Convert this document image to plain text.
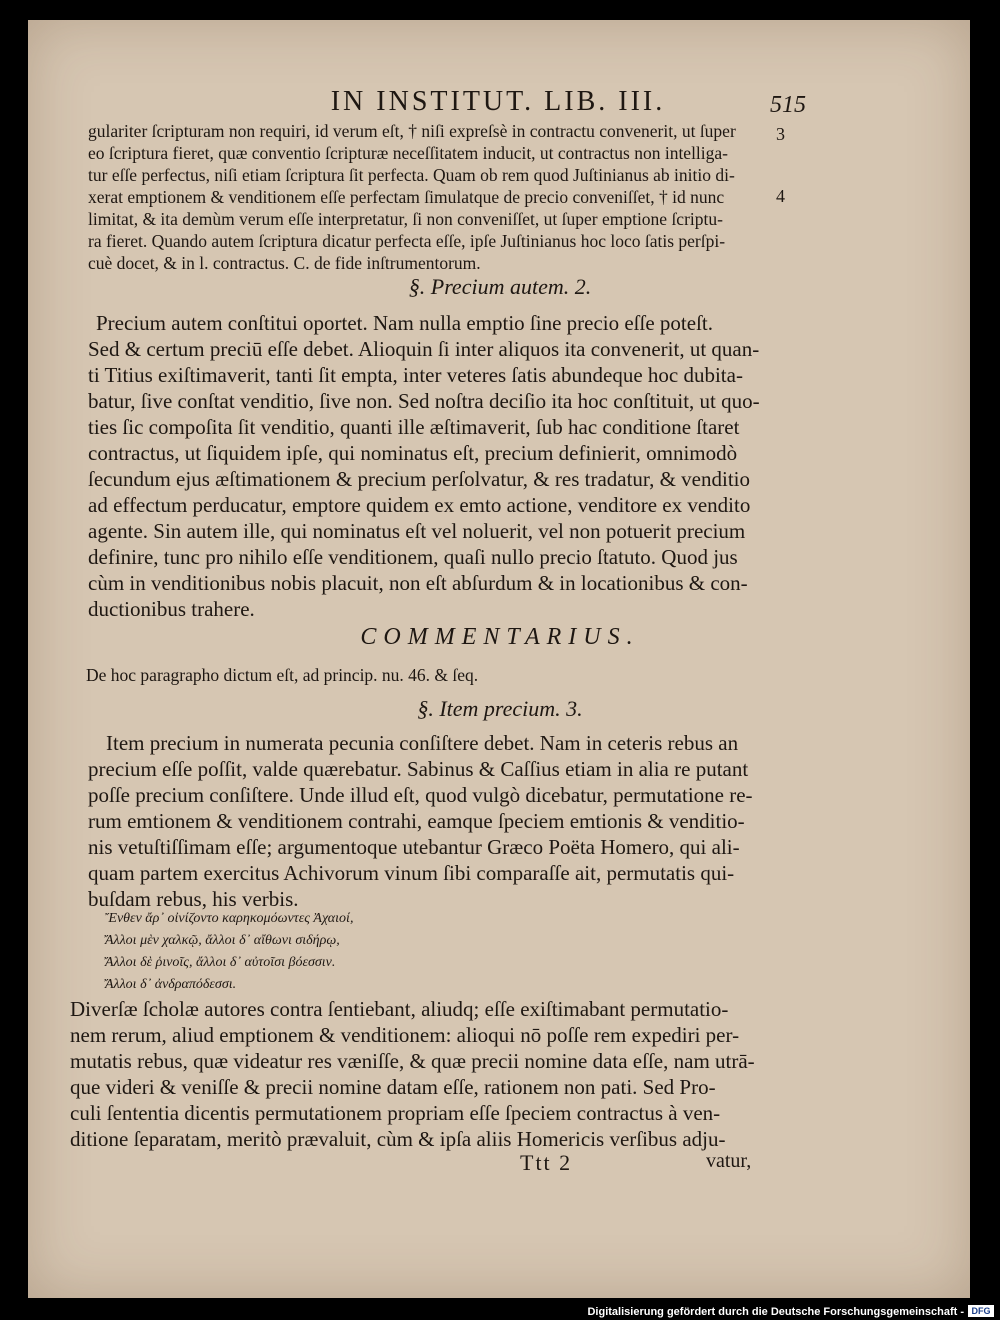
IN INSTITUT. LIB. III.	515
3
4
gulariter ſcripturam non requiri, id verum eſt, † niſi expreſsè in contractu convenerit, ut ſuper
eo ſcriptura fieret, quæ conventio ſcripturæ neceſſitatem inducit, ut contractus non intelliga-
tur eſſe perfectus, niſi etiam ſcriptura ſit perfecta. Quam ob rem quod Juſtinianus ab initio di-
xerat emptionem & venditionem eſſe perfectam ſimulatque de precio conveniſſet, † id nunc
limitat, & ita demùm verum eſſe interpretatur, ſi non conveniſſet, ut ſuper emptione ſcriptu-
ra fieret. Quando autem ſcriptura dicatur perfecta eſſe, ipſe Juſtinianus hoc loco ſatis perſpi-
cuè docet, & in l. contractus. C. de fide inſtrumentorum.
§. Precium autem. 2.
Precium autem conſtitui oportet. Nam nulla emptio ſine precio eſſe poteſt.
Sed & certum preciū eſſe debet. Alioquin ſi inter aliquos ita convenerit, ut quan-
ti Titius exiſtimaverit, tanti ſit empta, inter veteres ſatis abundeque hoc dubita-
batur, ſive conſtat venditio, ſive non. Sed noſtra deciſio ita hoc conſtituit, ut quo-
ties ſic compoſita ſit venditio, quanti ille æſtimaverit, ſub hac conditione ſtaret
contractus, ut ſiquidem ipſe, qui nominatus eſt, precium definierit, omnimodò
ſecundum ejus æſtimationem & precium perſolvatur, & res tradatur, & venditio
ad effectum perducatur, emptore quidem ex emto actione, venditore ex vendito
agente. Sin autem ille, qui nominatus eſt vel noluerit, vel non potuerit precium
definire, tunc pro nihilo eſſe venditionem, quaſi nullo precio ſtatuto. Quod jus
cùm in venditionibus nobis placuit, non eſt abſurdum & in locationibus & con-
ductionibus trahere.
COMMENTARIUS.
De hoc paragrapho dictum eſt, ad princip. nu. 46. & ſeq.
§. Item precium. 3.
Item precium in numerata pecunia conſiſtere debet. Nam in ceteris rebus an
precium eſſe poſſit, valde quærebatur. Sabinus & Caſſius etiam in alia re putant
poſſe precium conſiſtere. Unde illud eſt, quod vulgò dicebatur, permutatione re-
rum emtionem & venditionem contrahi, eamque ſpeciem emtionis & venditio-
nis vetuſtiſſimam eſſe; argumentoque utebantur Græco Poëta Homero, qui ali-
quam partem exercitus Achivorum vinum ſibi comparaſſe ait, permutatis qui-
buſdam rebus, his verbis.
Ἔνθεν ἄρ᾽ οἰνίζοντο καρηκομόωντες Ἀχαιοί,
Ἄλλοι μὲν χαλκῷ, ἄλλοι δ᾽ αἴθωνι σιδήρῳ,
Ἄλλοι δὲ ῥινοῖς, ἄλλοι δ᾽ αὐτοῖσι βόεσσιν.
Ἄλλοι δ᾽ ἀνδραπόδεσσι.
Diverſæ ſcholæ autores contra ſentiebant, aliudq; eſſe exiſtimabant permutatio-
nem rerum, aliud emptionem & venditionem: alioqui nō poſſe rem expediri per-
mutatis rebus, quæ videatur res væniſſe, & quæ precii nomine data eſſe, nam utrā-
que videri & veniſſe & precii nomine datam eſſe, rationem non pati. Sed Pro-
culi ſententia dicentis permutationem propriam eſſe ſpeciem contractus à ven-
ditione ſeparatam, meritò prævaluit, cùm & ipſa aliis Homericis verſibus adju-
Ttt 2	vatur,
Digitalisierung gefördert durch die Deutsche Forschungsgemeinschaft - DFG
